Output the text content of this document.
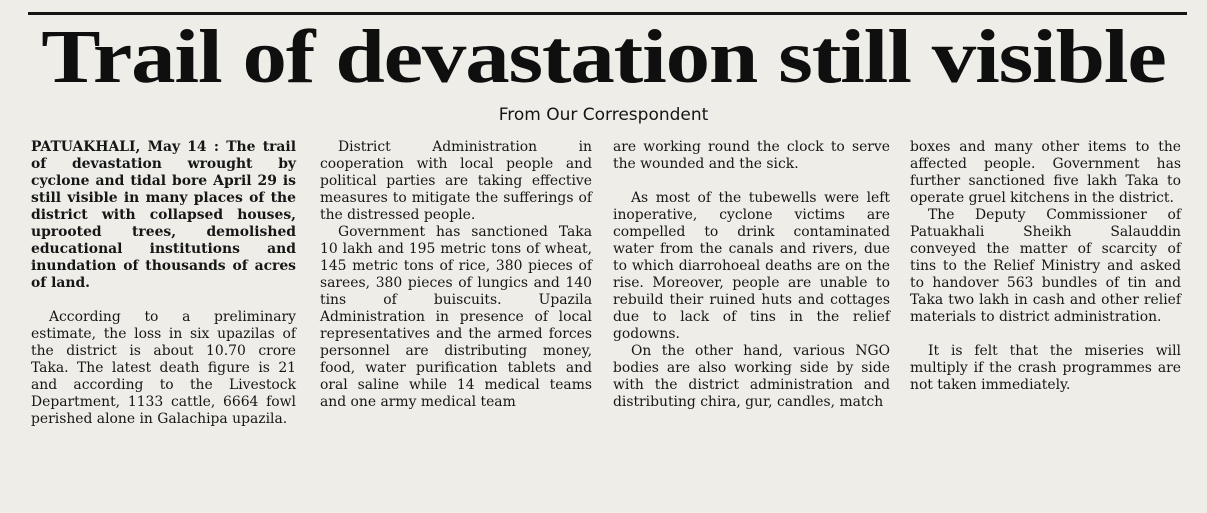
Trail of devastation still visible
From Our Correspondent

PATUAKHALI, May 14 : The trail of devastation wrought by cyclone and tidal bore April 29 is still visible in many places of the district with collapsed houses, uprooted trees, demolished educational institutions and inundation of thousands of acres of land.

According to a preliminary estimate, the loss in six upazilas of the district is about 10.70 crore Taka. The latest death figure is 21 and according to the Livestock Department, 1133 cattle, 6664 fowl perished alone in Galachipa upazila.

District Administration in cooperation with local people and political parties are taking effective measures to mitigate the sufferings of the distressed people.

Government has sanctioned Taka 10 lakh and 195 metric tons of wheat, 145 metric tons of rice, 380 pieces of sarees, 380 pieces of lungics and 140 tins of buiscuits. Upazila Administration in presence of local representatives and the armed forces personnel are distributing money, food, water purification tablets and oral saline while 14 medical teams and one army medical team

are working round the clock to serve the wounded and the sick.

As most of the tubewells were left inoperative, cyclone victims are compelled to drink contaminated water from the canals and rivers, due to which diarrohoeal deaths are on the rise. Moreover, people are unable to rebuild their ruined huts and cottages due to lack of tins in the relief godowns.

On the other hand, various NGO bodies are also working side by side with the district administration and distributing chira, gur, candles, match

boxes and many other items to the affected people. Government has further sanctioned five lakh Taka to operate gruel kitchens in the district.

The Deputy Commissioner of Patuakhali Sheikh Salauddin conveyed the matter of scarcity of tins to the Relief Ministry and asked to handover 563 bundles of tin and Taka two lakh in cash and other relief materials to district administration.

It is felt that the miseries will multiply if the crash programmes are not taken immediately.
